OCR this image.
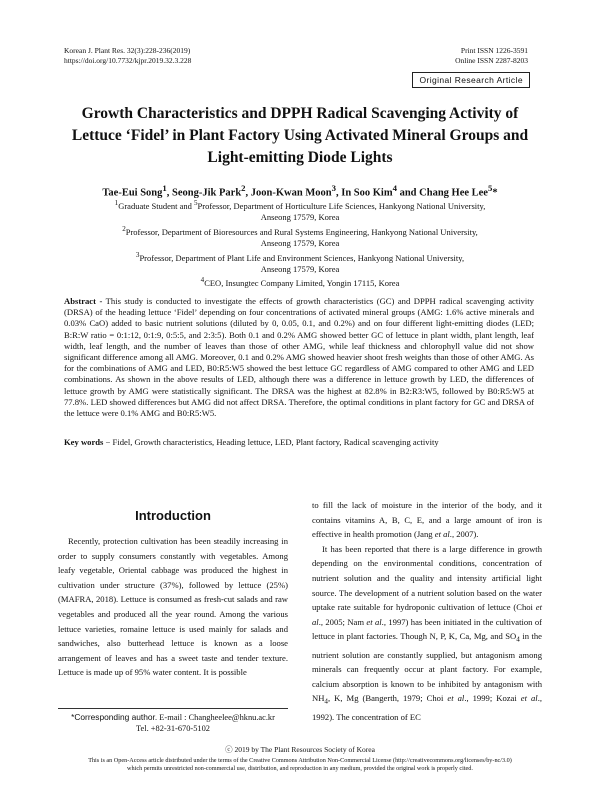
Korean J. Plant Res. 32(3):228-236(2019)
https://doi.org/10.7732/kjpr.2019.32.3.228
Print ISSN 1226-3591
Online ISSN 2287-8203
Original Research Article
Growth Characteristics and DPPH Radical Scavenging Activity of
Lettuce ‘Fidel’ in Plant Factory Using Activated Mineral Groups and
Light-emitting Diode Lights
Tae-Eui Song$^1$, Seong-Jik Park$^2$, Joon-Kwan Moon$^3$, In Soo Kim$^4$ and Chang Hee Lee$^5$*
$^1$Graduate Student and $^5$Professor, Department of Horticulture Life Sciences, Hankyong National University,
Anseong 17579, Korea
$^2$Professor, Department of Bioresources and Rural Systems Engineering, Hankyong National University,
Anseong 17579, Korea
$^3$Professor, Department of Plant Life and Environment Sciences, Hankyong National University,
Anseong 17579, Korea
$^4$CEO, Insungtec Company Limited, Yongin 17115, Korea
Abstract - This study is conducted to investigate the effects of growth characteristics (GC) and DPPH radical scavenging activity (DRSA) of the heading lettuce ‘Fidel’ depending on four concentrations of activated mineral groups (AMG: 1.6% active minerals and 0.03% CaO) added to basic nutrient solutions (diluted by 0, 0.05, 0.1, and 0.2%) and on four different light-emitting diodes (LED; B:R:W ratio = 0:1:12, 0:1:9, 0:5:5, and 2:3:5). Both 0.1 and 0.2% AMG showed better GC of lettuce in plant width, plant length, leaf width, leaf length, and the number of leaves than those of other AMG, while leaf thickness and chlorophyll value did not show significant difference among all AMG. Moreover, 0.1 and 0.2% AMG showed heavier shoot fresh weights than those of other AMG. As for the combinations of AMG and LED, B0:R5:W5 showed the best lettuce GC regardless of AMG compared to other AMG and LED combinations. As shown in the above results of LED, although there was a difference in lettuce growth by LED, the differences of lettuce growth by AMG were statistically significant. The DRSA was the highest at 82.8% in B2:R3:W5, followed by B0:R5:W5 at 77.8%. LED showed differences but AMG did not affect DRSA. Therefore, the optimal conditions in plant factory for GC and DRSA of the lettuce were 0.1% AMG and B0:R5:W5.
Key words − Fidel, Growth characteristics, Heading lettuce, LED, Plant factory, Radical scavenging activity
Introduction

Recently, protection cultivation has been steadily increasing in order to supply consumers constantly with vegetables. Among leafy vegetable, Oriental cabbage was produced the highest in cultivation under structure (37%), followed by lettuce (25%) (MAFRA, 2018). Lettuce is consumed as fresh-cut salads and raw vegetables and produced all the year round. Among the various lettuce varieties, romaine lettuce is used mainly for salads and sandwiches, also butterhead lettuce is known as a loose arrangement of leaves and has a sweet taste and tender texture. Lettuce is made up of 95% water content. It is possible

to fill the lack of moisture in the interior of the body, and it contains vitamins A, B, C, E, and a large amount of iron is effective in health promotion (Jang et al., 2007).

It has been reported that there is a large difference in growth depending on the environmental conditions, concentration of nutrient solution and the quality and intensity artificial light source. The development of a nutrient solution based on the water uptake rate suitable for hydroponic cultivation of lettuce (Choi et al., 2005; Nam et al., 1997) has been initiated in the cultivation of lettuce in plant factories. Though N, P, K, Ca, Mg, and $SO_4$ in the nutrient solution are constantly supplied, but antagonism among minerals can frequently occur at plant factory. For example, calcium absorption is known to be inhibited by antagonism with $NH_4$, K, Mg (Bangerth, 1979; Choi et al., 1999; Kozai et al., 1992). The concentration of EC

*Corresponding author. E-mail : Changheelee@hknu.ac.kr
Tel. +82-31-670-5102
ⓒ 2019 by The Plant Resources Society of Korea
This is an Open-Access article distributed under the terms of the Creative Commons Attribution Non-Commercial License (http://creativecommons.org/licenses/by-nc/3.0)
which permits unrestricted non-commercial use, distribution, and reproduction in any medium, provided the original work is properly cited.
